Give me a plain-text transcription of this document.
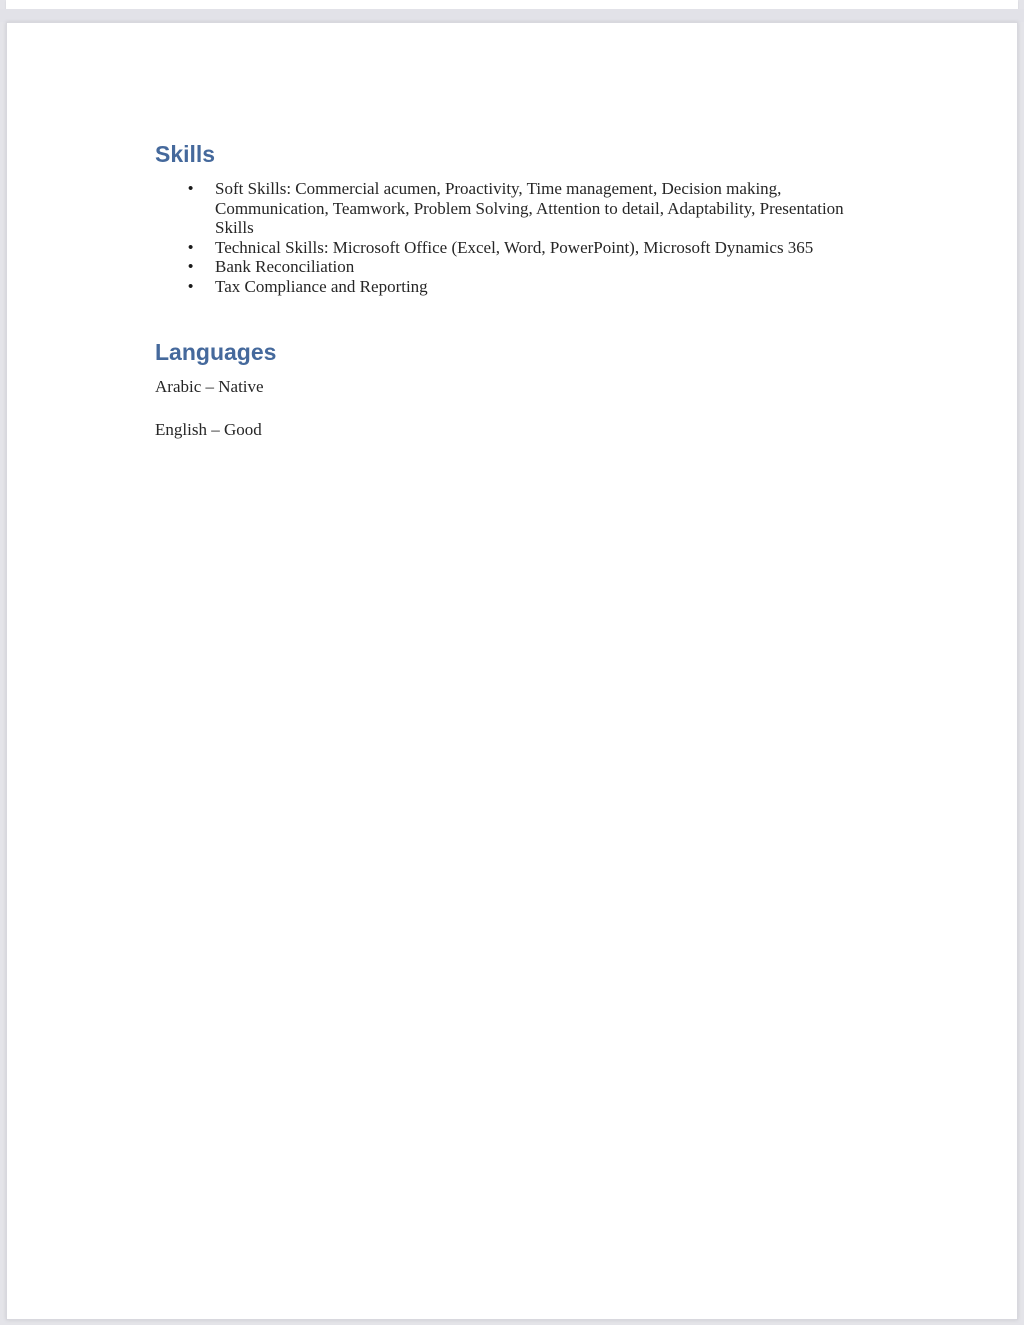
Skills
•	Soft Skills: Commercial acumen, Proactivity, Time management, Decision making, Communication, Teamwork, Problem Solving, Attention to detail, Adaptability, Presentation Skills
•	Technical Skills: Microsoft Office (Excel, Word, PowerPoint), Microsoft Dynamics 365
•	Bank Reconciliation
•	Tax Compliance and Reporting
Languages

Arabic – Native

English – Good
